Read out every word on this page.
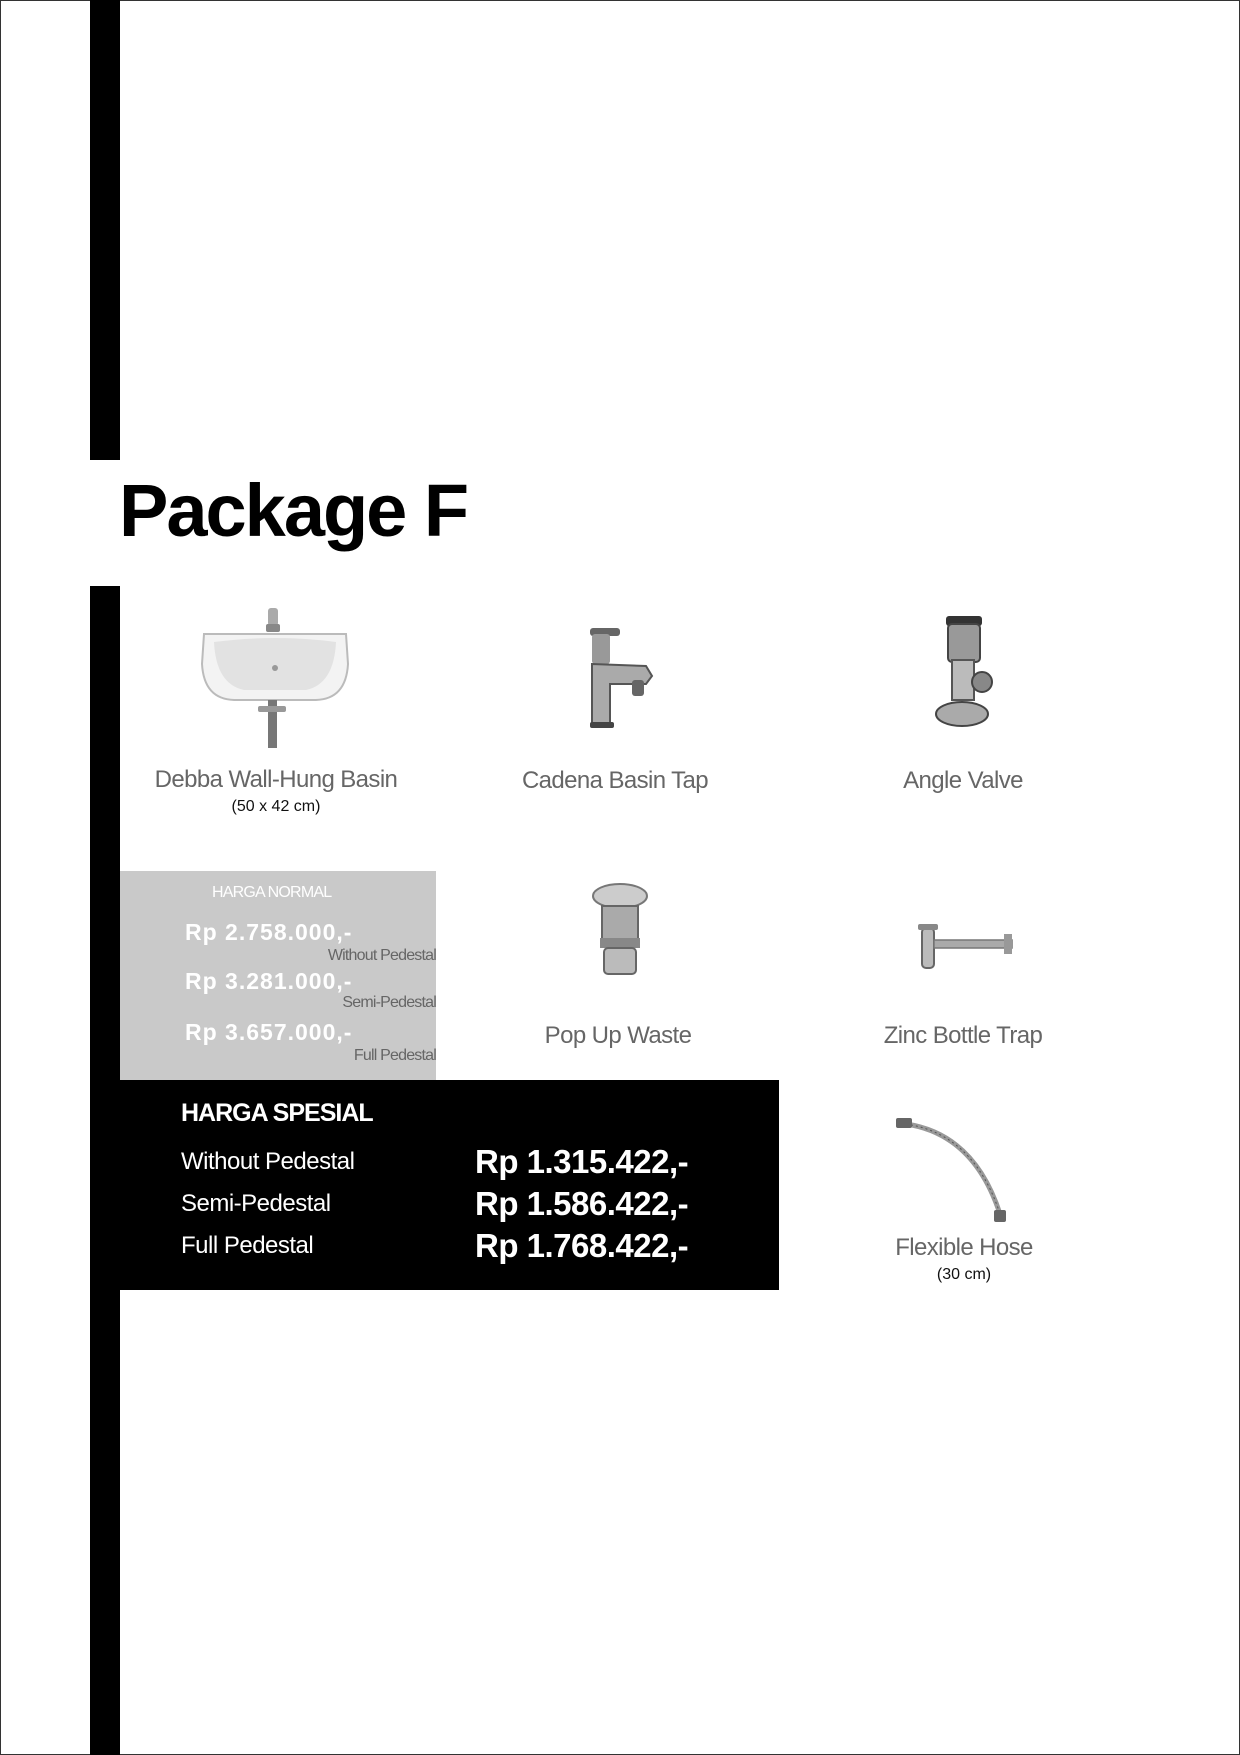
Package F
Debba Wall-Hung Basin
(50 x 42 cm)
Cadena Basin Tap	Angle Valve
Pop Up Waste	Zinc Bottle Trap
Flexible Hose
(30 cm)
HARGA NORMAL
Rp 2.758.000,-
Without Pedestal
Rp 3.281.000,-
Semi-Pedestal
Rp 3.657.000,-
Full Pedestal
HARGA SPESIAL
Without Pedestal	Rp 1.315.422,-
Semi-Pedestal	Rp 1.586.422,-
Full Pedestal	Rp 1.768.422,-
